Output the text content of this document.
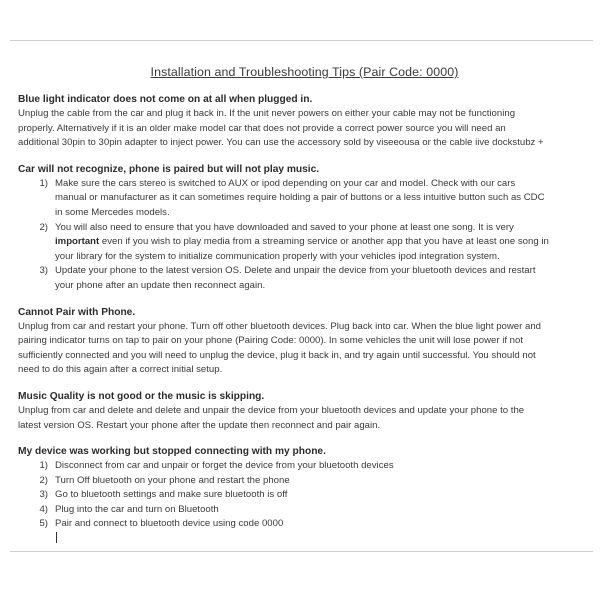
Installation and Troubleshooting Tips (Pair Code: 0000)
Blue light indicator does not come on at all when plugged in.
Unplug the cable from the car and plug it back in. If the unit never powers on either your cable may not be functioning
properly. Alternatively if it is an older make model car that does not provide a correct power source you will need an
additional 30pin to 30pin adapter to inject power. You can use the accessory sold by viseeousa or the cable iive dockstubz +
Car will not recognize, phone is paired but will not play music.
1) Make sure the cars stereo is switched to AUX or ipod depending on your car and model. Check with our cars
manual or manufacturer as it can sometimes require holding a pair of buttons or a less intuitive button such as CDC
in some Mercedes models.
2) You will also need to ensure that you have downloaded and saved to your phone at least one song. It is very
important even if you wish to play media from a streaming service or another app that you have at least one song in
your library for the system to initialize communication properly with your vehicles ipod integration system.
3) Update your phone to the latest version OS. Delete and unpair the device from your bluetooth devices and restart
your phone after an update then reconnect again.
Cannot Pair with Phone.
Unplug from car and restart your phone. Turn off other bluetooth devices. Plug back into car. When the blue light power and
pairing indicator turns on tap to pair on your phone (Pairing Code: 0000). In some vehicles the unit will lose power if not
sufficiently connected and you will need to unplug the device, plug it back in, and try again until successful. You should not
need to do this again after a correct initial setup.
Music Quality is not good or the music is skipping.
Unplug from car and delete and delete and unpair the device from your bluetooth devices and update your phone to the
latest version OS. Restart your phone after the update then reconnect and pair again.
My device was working but stopped connecting with my phone.
1) Disconnect from car and unpair or forget the device from your bluetooth devices
2) Turn Off bluetooth on your phone and restart the phone
3) Go to bluetooth settings and make sure bluetooth is off
4) Plug into the car and turn on Bluetooth
5) Pair and connect to bluetooth device using code 0000
